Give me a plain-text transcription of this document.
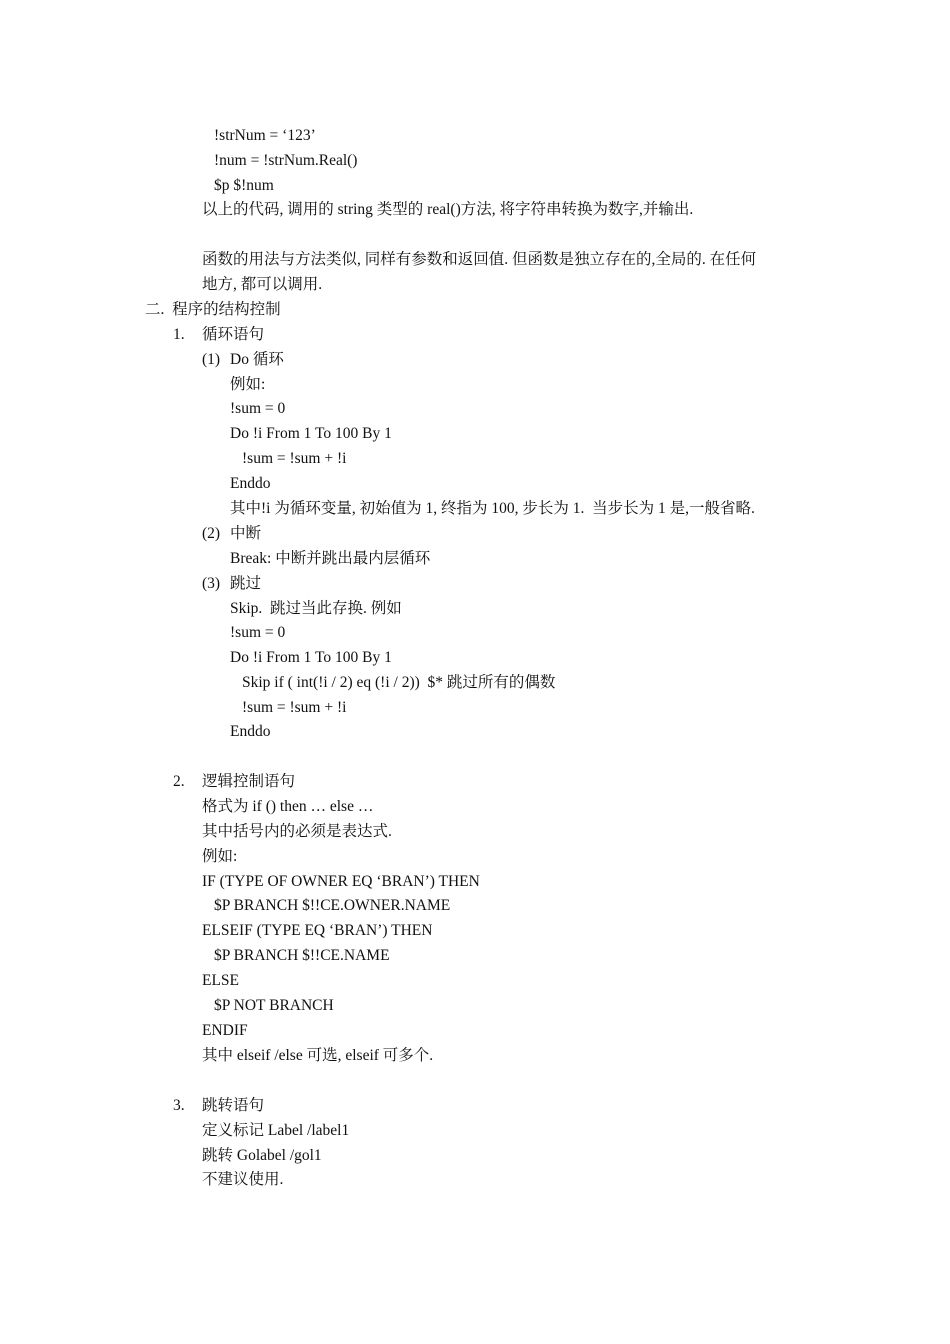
!strNum = ‘123’
!num = !strNum.Real()
$p $!num
以上的代码, 调用的 string 类型的 real()方法, 将字符串转换为数字,并输出.
函数的用法与方法类似, 同样有参数和返回值. 但函数是独立存在的,全局的. 在任何
地方, 都可以调用.
二.  程序的结构控制
1. 循环语句
(1) Do 循环
例如:
!sum = 0
Do !i From 1 To 100 By 1
!sum = !sum + !i
Enddo
其中!i 为循环变量, 初始值为 1, 终指为 100, 步长为 1.  当步长为 1 是,一般省略.
(2) 中断
Break: 中断并跳出最内层循环
(3) 跳过
Skip.  跳过当此存换. 例如
!sum = 0
Do !i From 1 To 100 By 1
Skip if ( int(!i / 2) eq (!i / 2))  $* 跳过所有的偶数
!sum = !sum + !i
Enddo
2. 逻辑控制语句
格式为 if () then … else …
其中括号内的必须是表达式.
例如:
IF (TYPE OF OWNER EQ ‘BRAN’) THEN
$P BRANCH $!!CE.OWNER.NAME
ELSEIF (TYPE EQ ‘BRAN’) THEN
$P BRANCH $!!CE.NAME
ELSE
$P NOT BRANCH
ENDIF
其中 elseif /else 可选, elseif 可多个.
3. 跳转语句
定义标记 Label /label1
跳转 Golabel /gol1
不建议使用.
